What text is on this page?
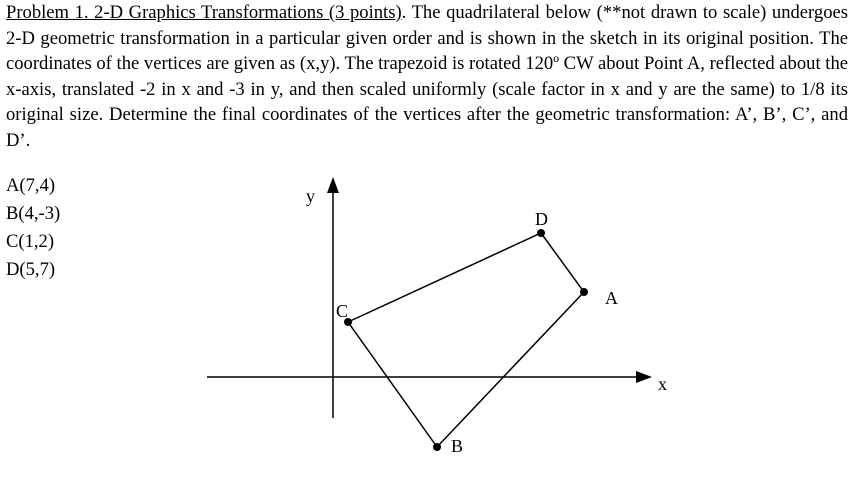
Problem 1. 2-D Graphics Transformations (3 points). The quadrilateral below (**not drawn to scale) undergoes 2-D geometric transformation in a particular given order and is shown in the sketch in its original position. The coordinates of the vertices are given as (x,y). The trapezoid is rotated 120º CW about Point A, reflected about the x-axis, translated -2 in x and -3 in y, and then scaled uniformly (scale factor in x and y are the same) to 1/8 its original size. Determine the final coordinates of the vertices after the geometric transformation: A’, B’, C’, and D’.

A(7,4)
B(4,-3)
C(1,2)
D(5,7)
y
x
A
B
C
D
